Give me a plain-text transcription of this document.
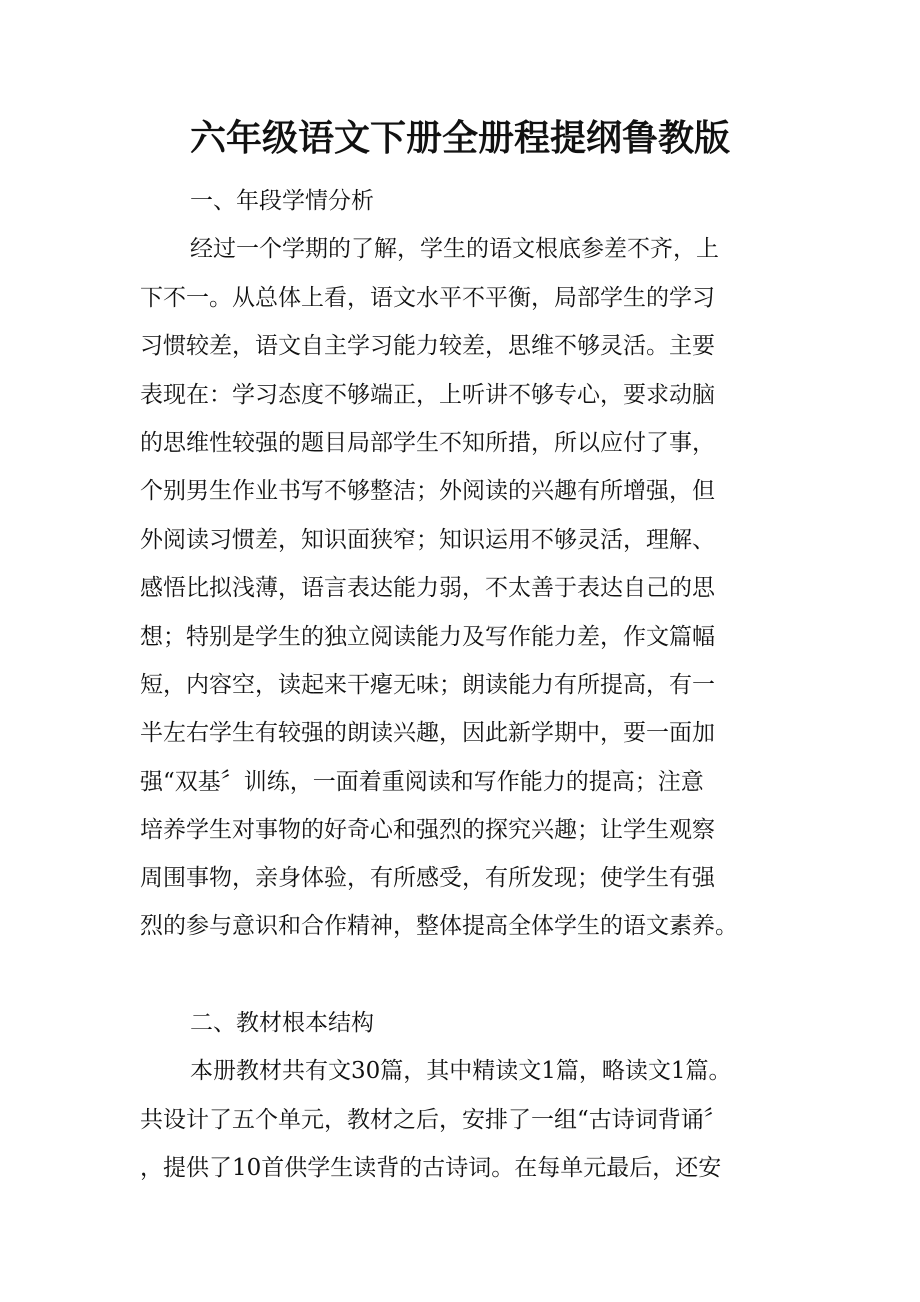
六年级语文下册全册程提纲鲁教版

一、年段学情分析

经过一个学期的了解，学生的语文根底参差不齐，上

下不一。从总体上看，语文水平不平衡，局部学生的学习

习惯较差，语文自主学习能力较差，思维不够灵活。主要

表现在：学习态度不够端正，上听讲不够专心，要求动脑

的思维性较强的题目局部学生不知所措，所以应付了事，

个别男生作业书写不够整洁；外阅读的兴趣有所增强，但

外阅读习惯差，知识面狭窄；知识运用不够灵活，理解、

感悟比拟浅薄，语言表达能力弱，不太善于表达自己的思

想；特别是学生的独立阅读能力及写作能力差，作文篇幅

短，内容空，读起来干瘪无味；朗读能力有所提高，有一

半左右学生有较强的朗读兴趣，因此新学期中，要一面加

强“双基〞训练，一面着重阅读和写作能力的提高；注意

培养学生对事物的好奇心和强烈的探究兴趣；让学生观察

周围事物，亲身体验，有所感受，有所发现；使学生有强

烈的参与意识和合作精神，整体提高全体学生的语文素养。

二、教材根本结构

本册教材共有文30篇，其中精读文1篇，略读文1篇。

共设计了五个单元，教材之后，安排了一组“古诗词背诵〞

，提供了10首供学生读背的古诗词。在每单元最后，还安
